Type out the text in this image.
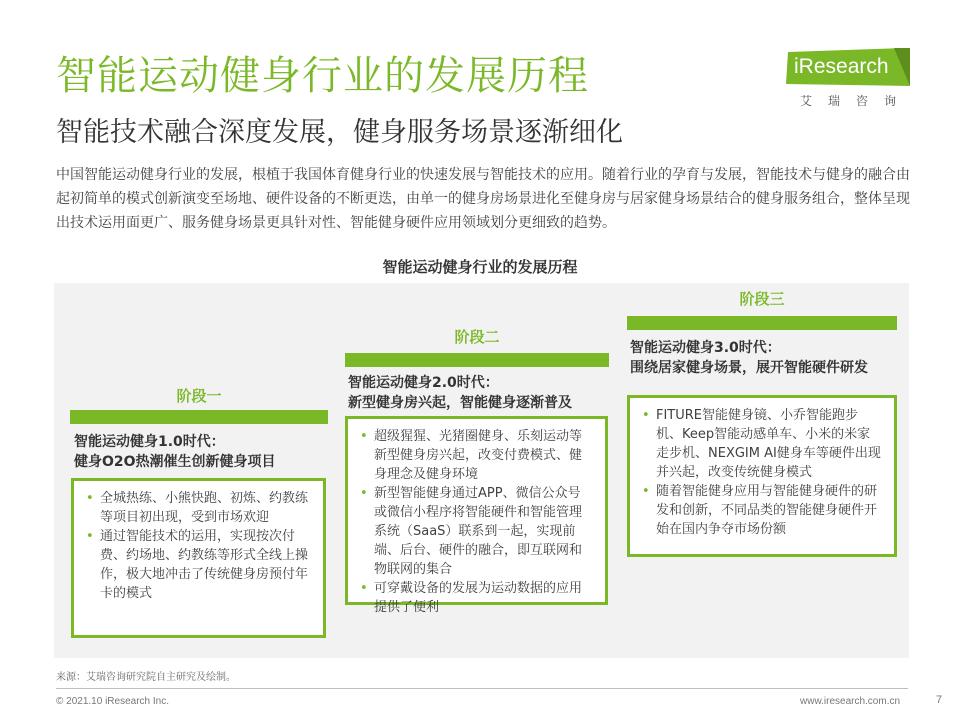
智能运动健身行业的发展历程
智能技术融合深度发展，健身服务场景逐渐细化
iResearch
艾瑞咨询
中国智能运动健身行业的发展，根植于我国体育健身行业的快速发展与智能技术的应用。随着行业的孕育与发展，智能技术与健身的融合由起初简单的模式创新演变至场地、硬件设备的不断更迭，由单一的健身房场景进化至健身房与居家健身场景结合的健身服务组合，整体呈现出技术运用面更广、服务健身场景更具针对性、智能健身硬件应用领域划分更细致的趋势。
智能运动健身行业的发展历程
阶段一
智能运动健身1.0时代：
健身O2O热潮催生创新健身项目
• 全城热练、小熊快跑、初炼、约教练等项目初出现，受到市场欢迎
• 通过智能技术的运用，实现按次付费、约场地、约教练等形式全线上操作，极大地冲击了传统健身房预付年卡的模式
阶段二
智能运动健身2.0时代：
新型健身房兴起，智能健身逐渐普及
• 超级猩猩、光猪圈健身、乐刻运动等新型健身房兴起，改变付费模式、健身理念及健身环境
• 新型智能健身通过APP、微信公众号或微信小程序将智能硬件和智能管理系统（SaaS）联系到一起，实现前端、后台、硬件的融合，即互联网和物联网的集合
• 可穿戴设备的发展为运动数据的应用提供了便利
阶段三
智能运动健身3.0时代：
围绕居家健身场景，展开智能硬件研发
• FITURE智能健身镜、小乔智能跑步机、Keep智能动感单车、小米的米家走步机、NEXGIM AI健身车等硬件出现并兴起，改变传统健身模式
• 随着智能健身应用与智能健身硬件的研发和创新，不同品类的智能健身硬件开始在国内争夺市场份额
来源：艾瑞咨询研究院自主研究及绘制。
© 2021.10 iResearch Inc.	www.iresearch.com.cn	7
